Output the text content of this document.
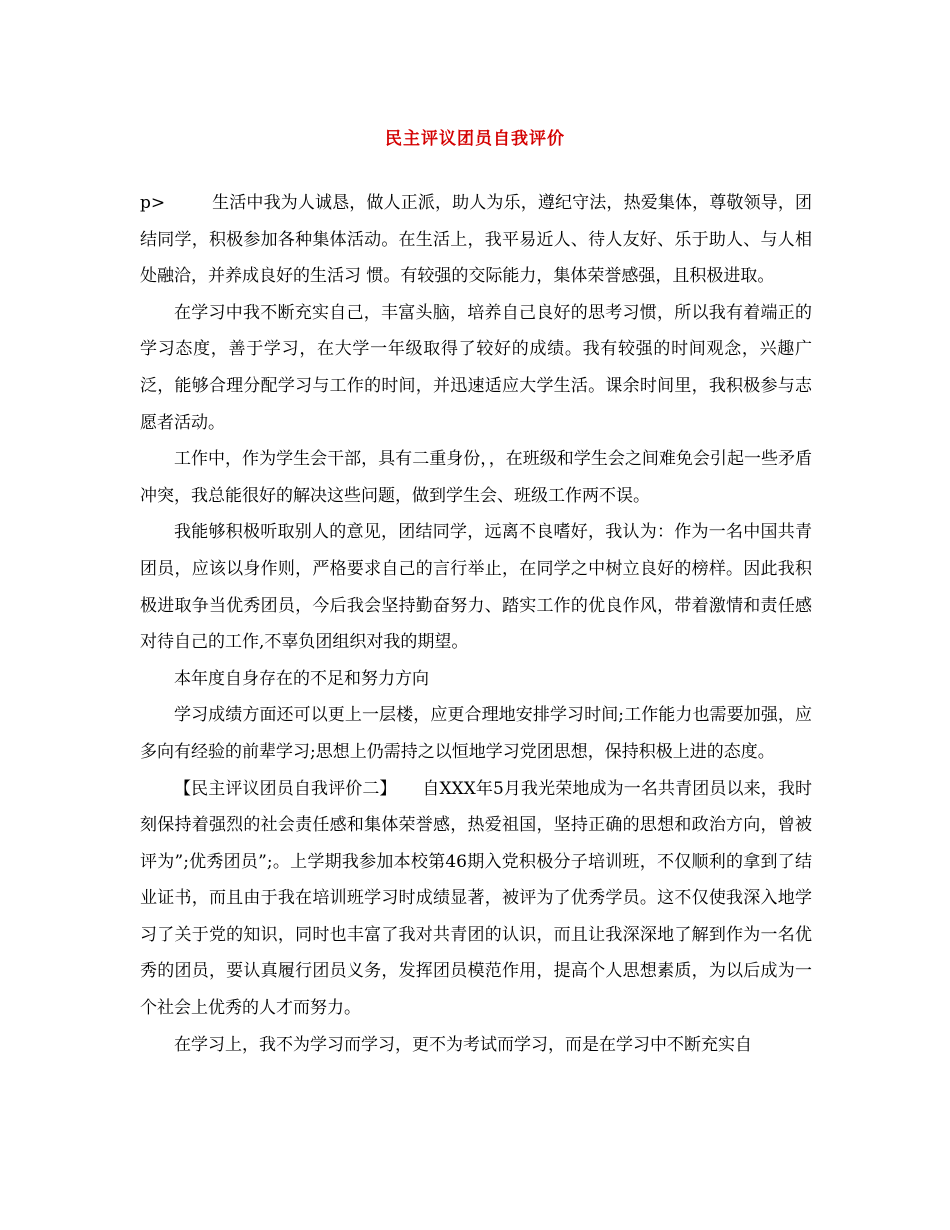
民主评议团员自我评价

p>	生活中我为人诚恳，做人正派，助人为乐，遵纪守法，热爱集体，尊敬领导，团结同学，积极参加各种集体活动。在生活上，我平易近人、待人友好、乐于助人、与人相处融洽，并养成良好的生活习 惯。有较强的交际能力，集体荣誉感强，且积极进取。

在学习中我不断充实自己，丰富头脑，培养自己良好的思考习惯，所以我有着端正的学习态度，善于学习，在大学一年级取得了较好的成绩。我有较强的时间观念，兴趣广泛，能够合理分配学习与工作的时间，并迅速适应大学生活。课余时间里，我积极参与志愿者活动。

工作中，作为学生会干部，具有二重身份，，在班级和学生会之间难免会引起一些矛盾冲突，我总能很好的解决这些问题，做到学生会、班级工作两不误。

我能够积极听取别人的意见，团结同学，远离不良嗜好，我认为：作为一名中国共青团员，应该以身作则，严格要求自己的言行举止，在同学之中树立良好的榜样。因此我积极进取争当优秀团员，今后我会坚持勤奋努力、踏实工作的优良作风，带着激情和责任感对待自己的工作,不辜负团组织对我的期望。

本年度自身存在的不足和努力方向

学习成绩方面还可以更上一层楼，应更合理地安排学习时间;工作能力也需要加强，应多向有经验的前辈学习;思想上仍需持之以恒地学习党团思想，保持积极上进的态度。

【民主评议团员自我评价二】　　自XXX年5月我光荣地成为一名共青团员以来，我时刻保持着强烈的社会责任感和集体荣誉感，热爱祖国，坚持正确的思想和政治方向，曾被评为”;优秀团员”;。上学期我参加本校第46期入党积极分子培训班，不仅顺利的拿到了结业证书，而且由于我在培训班学习时成绩显著，被评为了优秀学员。这不仅使我深入地学习了关于党的知识，同时也丰富了我对共青团的认识，而且让我深深地了解到作为一名优秀的团员，要认真履行团员义务，发挥团员模范作用，提高个人思想素质，为以后成为一个社会上优秀的人才而努力。

在学习上，我不为学习而学习，更不为考试而学习，而是在学习中不断充实自
